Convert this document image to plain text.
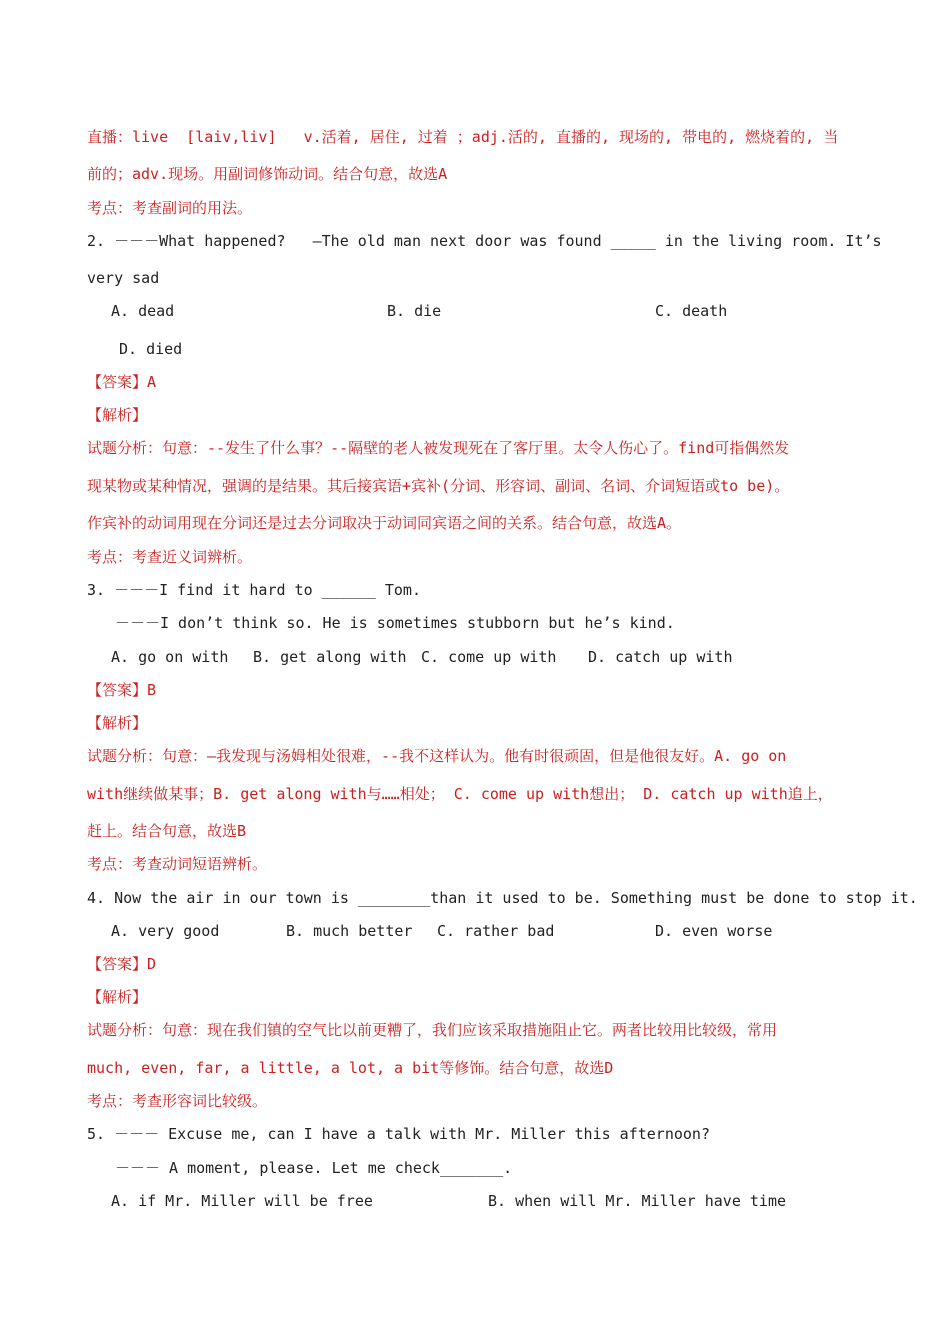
直播：live  [laiv,liv]   v.活着, 居住, 过着 ；adj.活的, 直播的, 现场的, 带电的, 燃烧着的, 当
前的；adv.现场。用副词修饰动词。结合句意，故选A
考点：考查副词的用法。
2. －－－What happened?   —The old man next door was found _____ in the living room. It’s
very sad
A. dead	B. die	C. death
D. died
【答案】A
【解析】
试题分析：句意：--发生了什么事？--隔壁的老人被发现死在了客厅里。太令人伤心了。find可指偶然发
现某物或某种情况，强调的是结果。其后接宾语+宾补(分词、形容词、副词、名词、介词短语或to be)。
作宾补的动词用现在分词还是过去分词取决于动词同宾语之间的关系。结合句意，故选A。
考点：考查近义词辨析。
3. －－－I find it hard to ______ Tom.
－－－I don’t think so. He is sometimes stubborn but he’s kind.
A. go on with B. get along with C. come up with D. catch up with
【答案】B
【解析】
试题分析：句意：—我发现与汤姆相处很难，--我不这样认为。他有时很顽固，但是他很友好。A. go on
with继续做某事；B. get along with与……相处； C. come up with想出； D. catch up with追上，
赶上。结合句意，故选B
考点：考查动词短语辨析。
4. Now the air in our town is ________than it used to be. Something must be done to stop it.
A. very good	B. much better C. rather bad	D. even worse
【答案】D
【解析】
试题分析：句意：现在我们镇的空气比以前更糟了，我们应该采取措施阻止它。两者比较用比较级，常用
much, even, far, a little, a lot, a bit等修饰。结合句意，故选D
考点：考查形容词比较级。
5. －－－ Excuse me, can I have a talk with Mr. Miller this afternoon?
－－－ A moment, please. Let me check_______.
A. if Mr. Miller will be free	B. when will Mr. Miller have time
